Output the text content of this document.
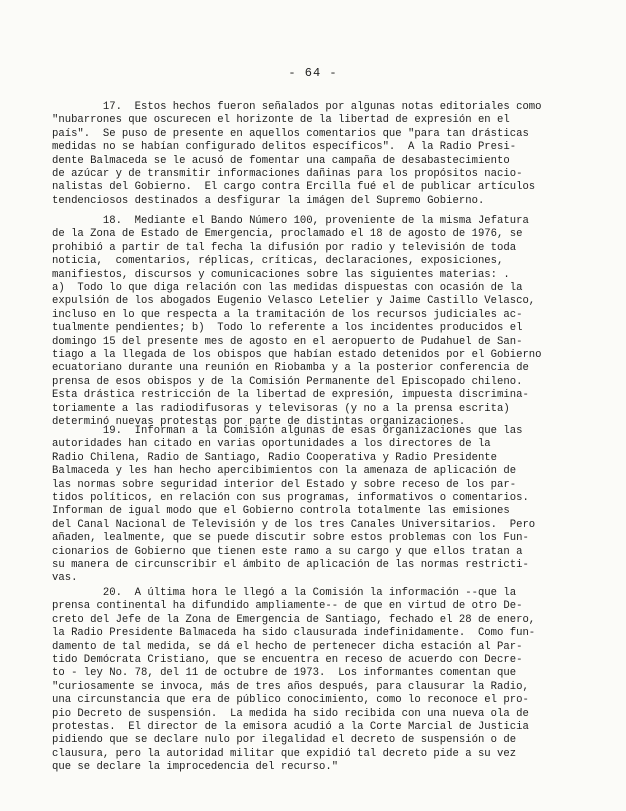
- 64 -
17.  Estos hechos fueron señalados por algunas notas editoriales como
"nubarrones que oscurecen el horizonte de la libertad de expresión en el
país".  Se puso de presente en aquellos comentarios que "para tan drásticas
medidas no se habían configurado delitos específicos".  A la Radio Presi-
dente Balmaceda se le acusó de fomentar una campaña de desabastecimiento
de azúcar y de transmitir informaciones dañinas para los propósitos nacio-
nalistas del Gobierno.  El cargo contra Ercilla fué el de publicar artículos
tendenciosos destinados a desfigurar la imágen del Supremo Gobierno.
18.  Mediante el Bando Número 100, proveniente de la misma Jefatura
de la Zona de Estado de Emergencia, proclamado el 18 de agosto de 1976, se
prohibió a partir de tal fecha la difusión por radio y televisión de toda
noticia,  comentarios, réplicas, críticas, declaraciones, exposiciones,
manifiestos, discursos y comunicaciones sobre las siguientes materias: .
a)  Todo lo que diga relación con las medidas dispuestas con ocasión de la
expulsión de los abogados Eugenio Velasco Letelier y Jaime Castillo Velasco,
incluso en lo que respecta a la tramitación de los recursos judiciales ac-
tualmente pendientes; b)  Todo lo referente a los incidentes producidos el
domingo 15 del presente mes de agosto en el aeropuerto de Pudahuel de San-
tiago a la llegada de los obispos que habían estado detenidos por el Gobierno
ecuatoriano durante una reunión en Riobamba y a la posterior conferencia de
prensa de esos obispos y de la Comisión Permanente del Episcopado chileno.
Esta drástica restricción de la libertad de expresión, impuesta discrimina-
toriamente a las radiodifusoras y televisoras (y no a la prensa escrita)
determinó nuevas protestas por parte de distintas organizaciones.
19.  Informan a la Comisión algunas de esas organizaciones que las
autoridades han citado en varias oportunidades a los directores de la
Radio Chilena, Radio de Santiago, Radio Cooperativa y Radio Presidente
Balmaceda y les han hecho apercibimientos con la amenaza de aplicación de
las normas sobre seguridad interior del Estado y sobre receso de los par-
tidos políticos, en relación con sus programas, informativos o comentarios.
Informan de igual modo que el Gobierno controla totalmente las emisiones
del Canal Nacional de Televisión y de los tres Canales Universitarios.  Pero
añaden, lealmente, que se puede discutir sobre estos problemas con los Fun-
cionarios de Gobierno que tienen este ramo a su cargo y que ellos tratan a
su manera de circunscribir el ámbito de aplicación de las normas restricti-
vas.
20.  A última hora le llegó a la Comisión la información --que la
prensa continental ha difundido ampliamente-- de que en virtud de otro De-
creto del Jefe de la Zona de Emergencia de Santiago, fechado el 28 de enero,
la Radio Presidente Balmaceda ha sido clausurada indefinidamente.  Como fun-
damento de tal medida, se dá el hecho de pertenecer dicha estación al Par-
tido Demócrata Cristiano, que se encuentra en receso de acuerdo con Decre-
to - ley No. 78, del 11 de octubre de 1973.  Los informantes comentan que
"curiosamente se invoca, más de tres años después, para clausurar la Radio,
una circunstancia que era de público conocimiento, como lo reconoce el pro-
pio Decreto de suspensión.  La medida ha sido recibida con una nueva ola de
protestas.  El director de la emisora acudió a la Corte Marcial de Justicia
pidiendo que se declare nulo por ilegalidad el decreto de suspensión o de
clausura, pero la autoridad militar que expidió tal decreto pide a su vez
que se declare la improcedencia del recurso."
